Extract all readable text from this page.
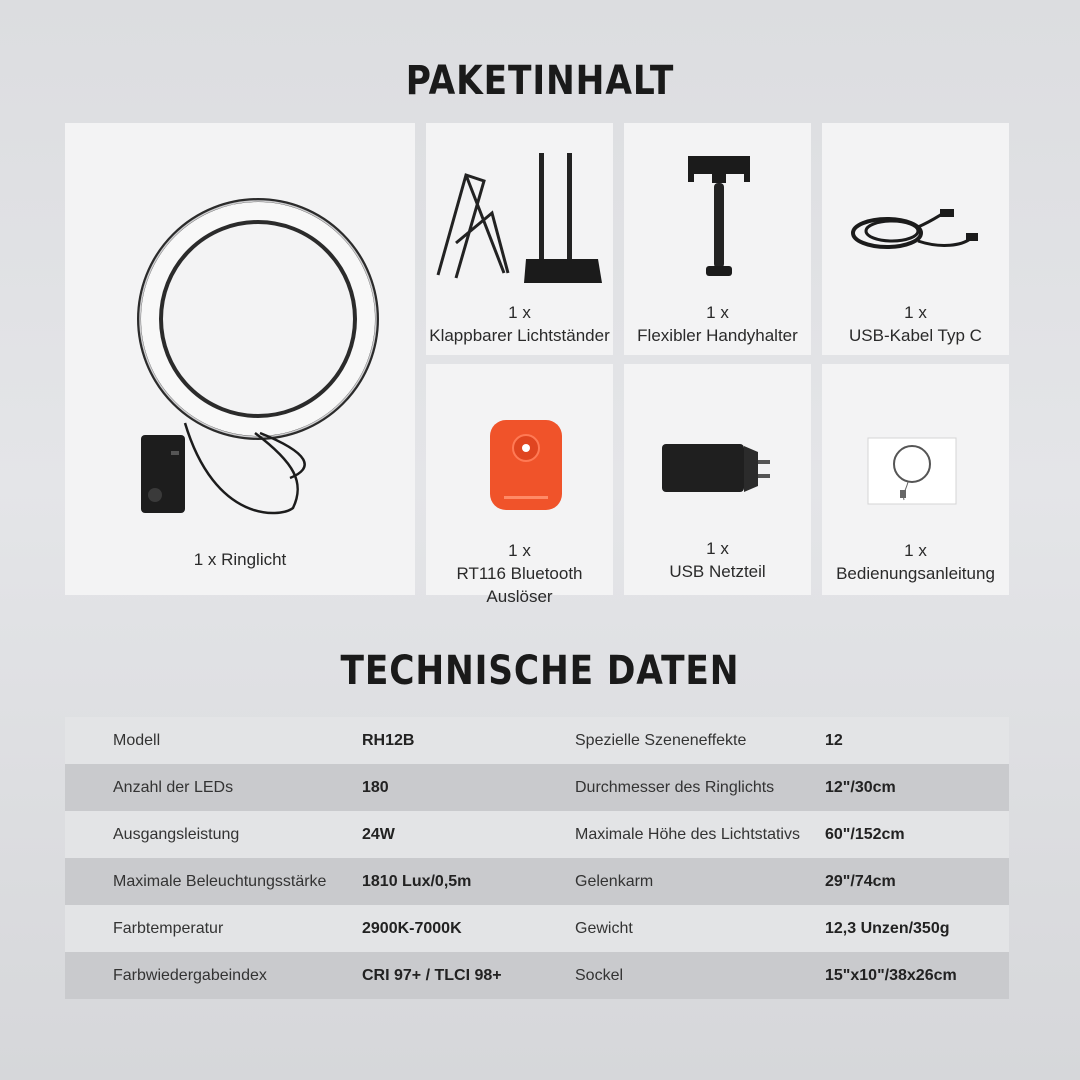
PAKETINHALT
1 x Ringlicht
1 x
Klappbarer Lichtständer
1 x
Flexibler Handyhalter
1 x
USB-Kabel Typ C
1 x
RT116 Bluetooth Auslöser
1 x
USB Netzteil
1 x
Bedienungsanleitung
TECHNISCHE DATEN
Modell	RH12B	Spezielle Szeneneffekte	12
Anzahl der LEDs	180	Durchmesser des Ringlichts	12"/30cm
Ausgangsleistung	24W	Maximale Höhe des Lichtstativs 60"/152cm
Maximale Beleuchtungsstärke 1810 Lux/0,5m	Gelenkarm	29"/74cm
Farbtemperatur	2900K-7000K	Gewicht	12,3 Unzen/350g
Farbwiedergabeindex	CRI 97+ / TLCI 98+	Sockel	15"x10"/38x26cm
